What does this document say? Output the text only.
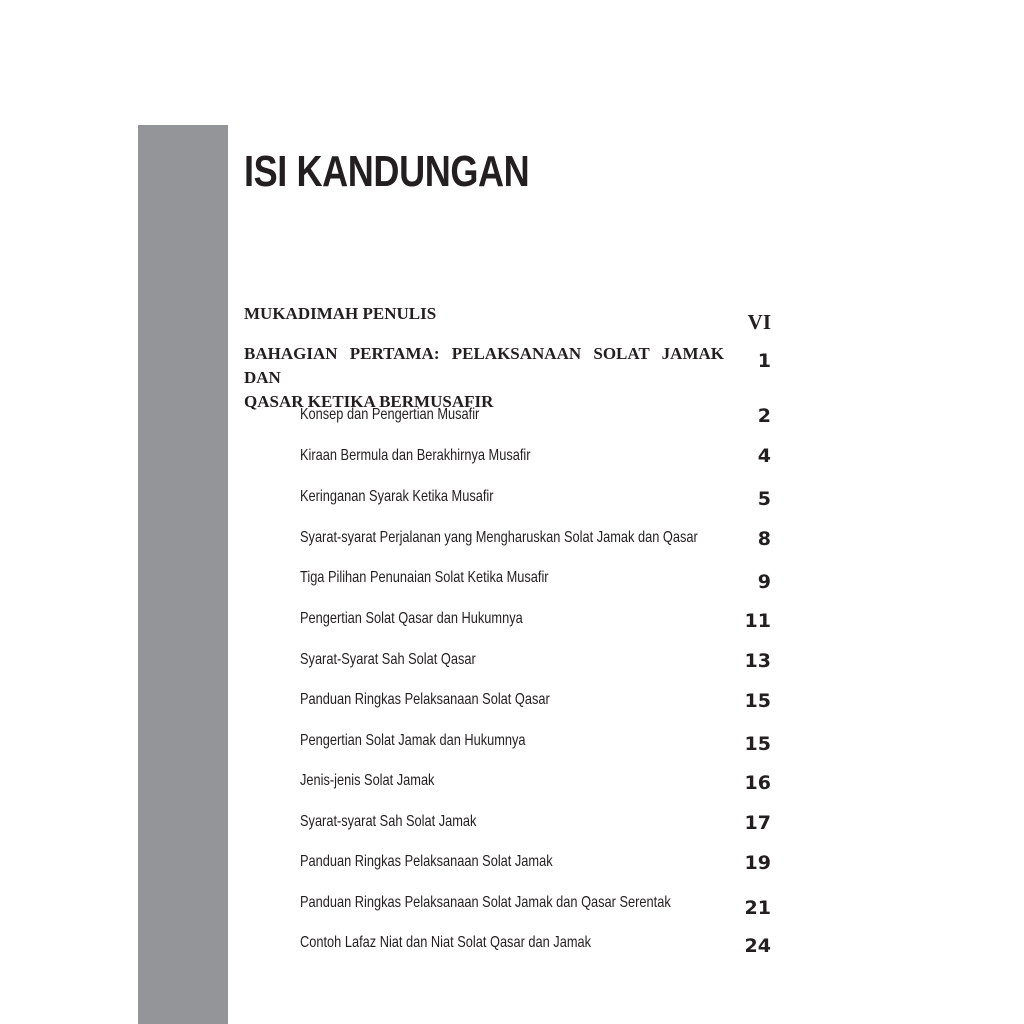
ISI KANDUNGAN
MUKADIMAH PENULIS	VI
BAHAGIAN PERTAMA: PELAKSANAAN SOLAT JAMAK DAN
QASAR KETIKA BERMUSAFIR
1
Konsep dan Pengertian Musafir	2
Kiraan Bermula dan Berakhirnya Musafir	4
Keringanan Syarak Ketika Musafir	5
Syarat-syarat Perjalanan yang Mengharuskan Solat Jamak dan Qasar	8
Tiga Pilihan Penunaian Solat Ketika Musafir	9
Pengertian Solat Qasar dan Hukumnya	11
Syarat-Syarat Sah Solat Qasar	13
Panduan Ringkas Pelaksanaan Solat Qasar	15
Pengertian Solat Jamak dan Hukumnya	15
Jenis-jenis Solat Jamak	16
Syarat-syarat Sah Solat Jamak	17
Panduan Ringkas Pelaksanaan Solat Jamak	19
Panduan Ringkas Pelaksanaan Solat Jamak dan Qasar Serentak	21
Contoh Lafaz Niat dan Niat Solat Qasar dan Jamak	24
